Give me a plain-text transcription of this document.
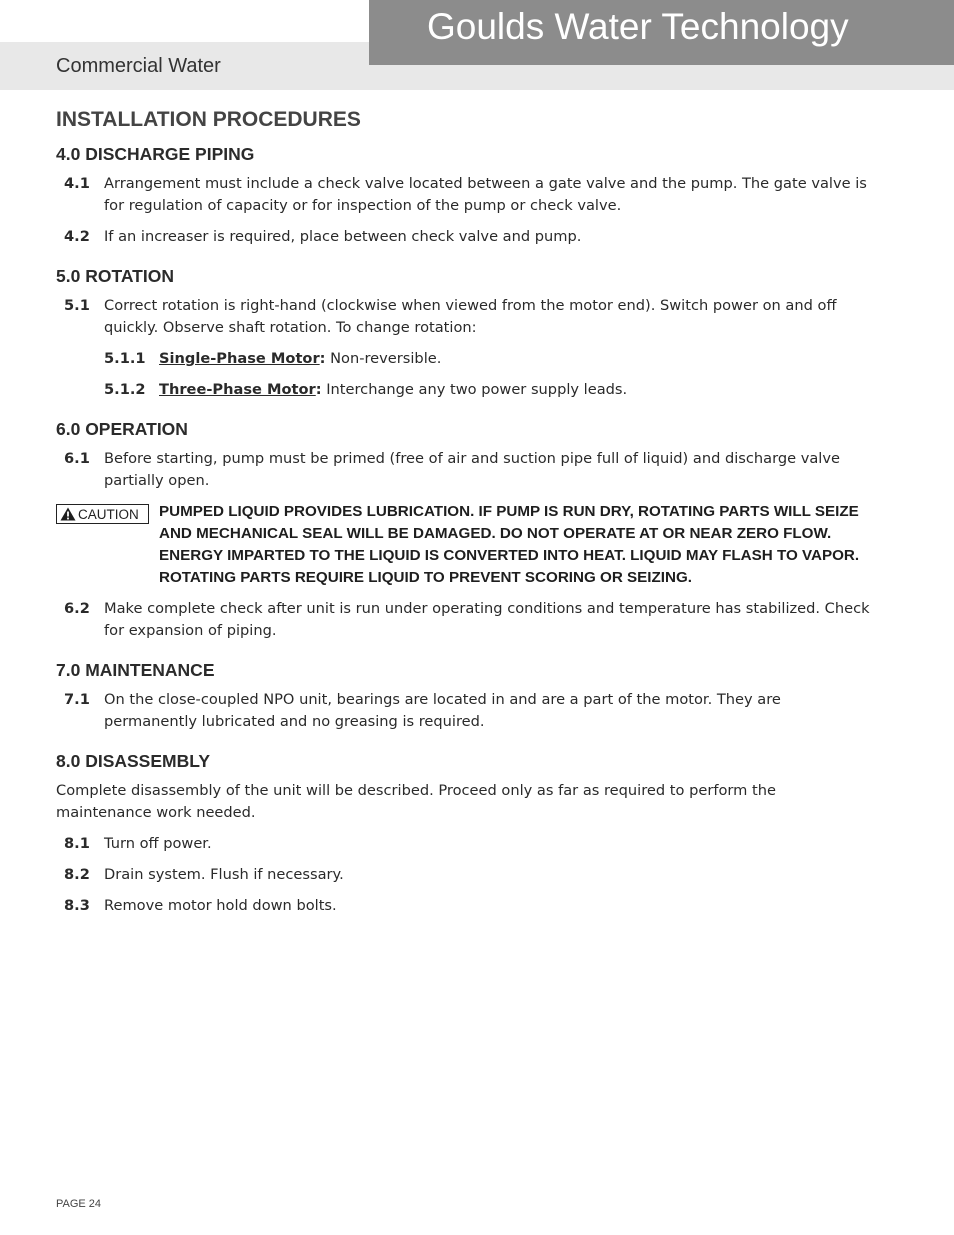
Goulds Water Technology
Commercial Water
INSTALLATION PROCEDURES
4.0 DISCHARGE PIPING
4.1 Arrangement must include a check valve located between a gate valve and the pump. The gate valve is for regulation of capacity or for inspection of the pump or check valve.
4.2 If an increaser is required, place between check valve and pump.
5.0 ROTATION
5.1 Correct rotation is right-hand (clockwise when viewed from the motor end). Switch power on and off quickly. Observe shaft rotation. To change rotation:
5.1.1 Single-Phase Motor: Non-reversible.
5.1.2 Three-Phase Motor: Interchange any two power supply leads.
6.0 OPERATION
6.1 Before starting, pump must be primed (free of air and suction pipe full of liquid) and discharge valve partially open.
CAUTION PUMPED LIQUID PROVIDES LUBRICATION. IF PUMP IS RUN DRY, ROTATING PARTS WILL SEIZE AND MECHANICAL SEAL WILL BE DAMAGED. DO NOT OPERATE AT OR NEAR ZERO FLOW. ENERGY IMPARTED TO THE LIQUID IS CONVERTED INTO HEAT. LIQUID MAY FLASH TO VAPOR. ROTATING PARTS REQUIRE LIQUID TO PREVENT SCORING OR SEIZING.
6.2 Make complete check after unit is run under operating conditions and temperature has stabilized. Check for expansion of piping.
7.0 MAINTENANCE
7.1 On the close-coupled NPO unit, bearings are located in and are a part of the motor. They are permanently lubricated and no greasing is required.
8.0 DISASSEMBLY
Complete disassembly of the unit will be described. Proceed only as far as required to perform the maintenance work needed.
8.1 Turn off power.
8.2 Drain system. Flush if necessary.
8.3 Remove motor hold down bolts.
PAGE 24
